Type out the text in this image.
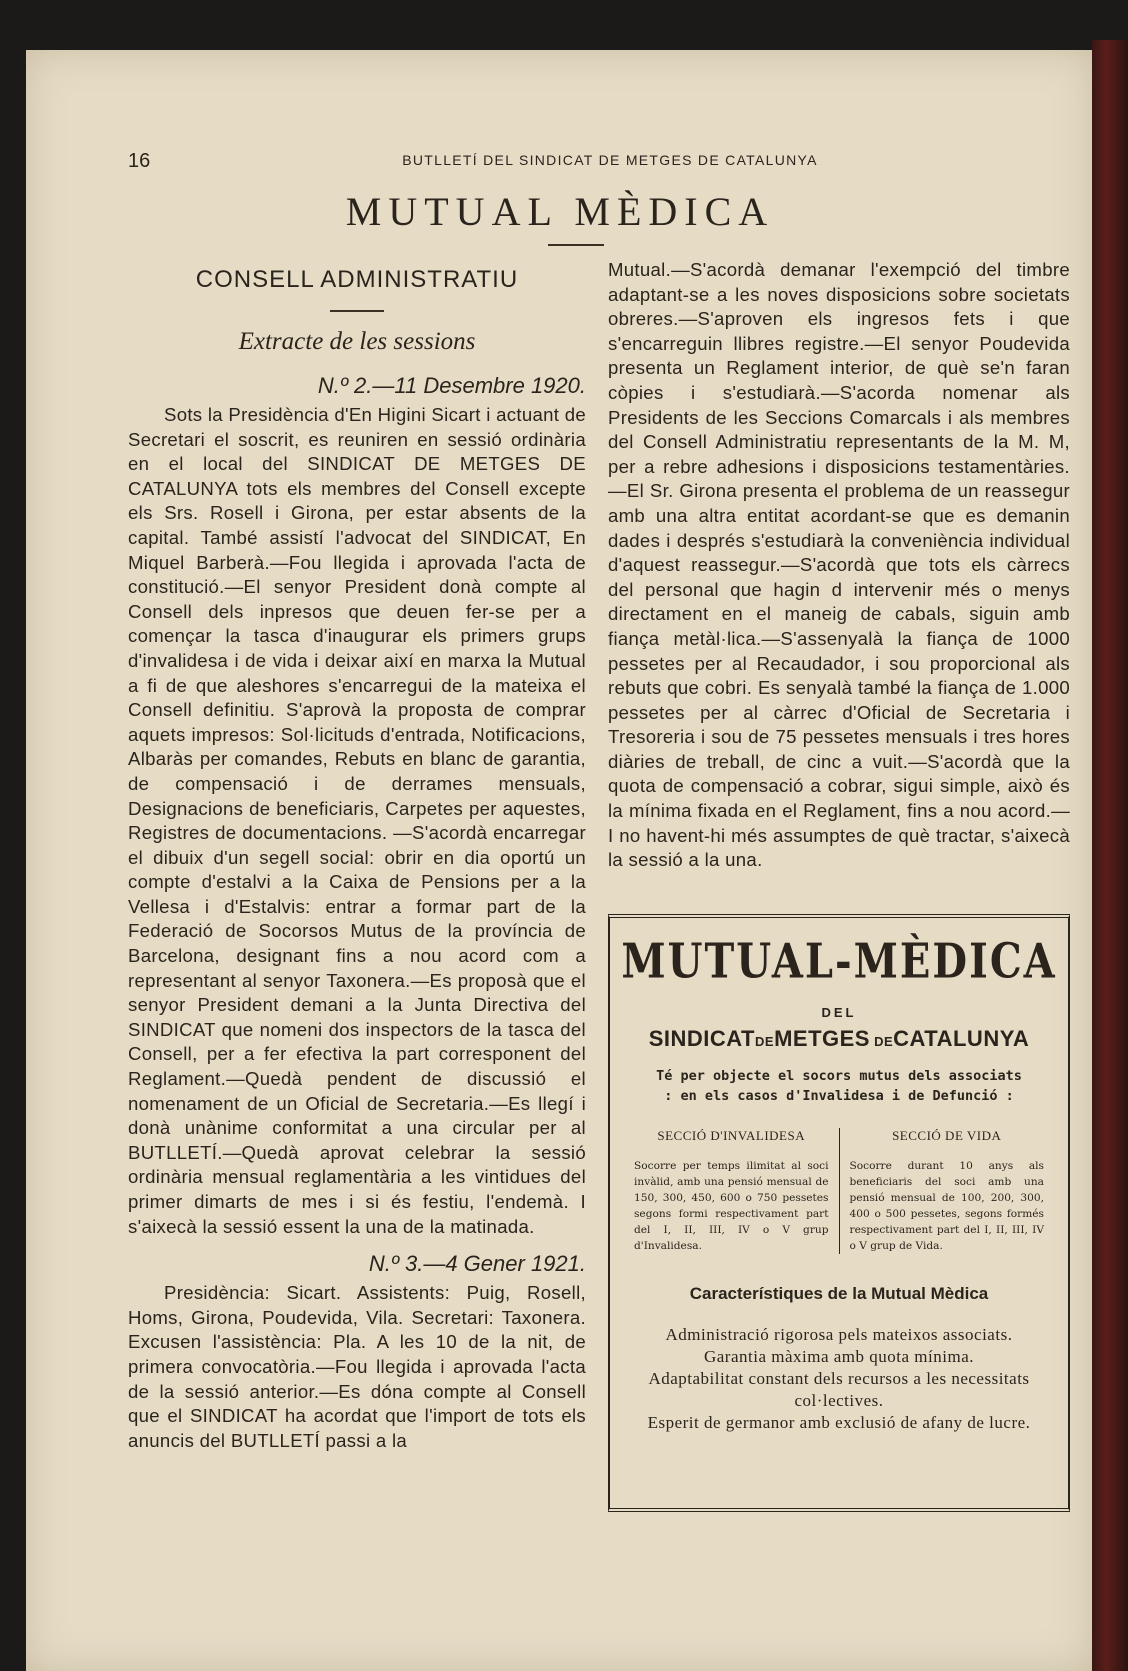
16	BUTLLETÍ DEL SINDICAT DE METGES DE CATALUNYA
MUTUAL MÈDICA
CONSELL ADMINISTRATIU
Extracte de les sessions
N.º 2.—11 Desembre 1920.

Sots la Presidència d'En Higini Sicart i actuant de Secretari el soscrit, es reuniren en sessió ordinària en el local del SINDICAT DE METGES DE CATALUNYA tots els membres del Consell excepte els Srs. Rosell i Girona, per estar absents de la capital. També assistí l'advocat del SINDICAT, En Miquel Barberà.—Fou llegida i aprovada l'acta de constitució.—El senyor President donà compte al Consell dels inpresos que deuen fer-se per a començar la tasca d'inaugurar els primers grups d'invalidesa i de vida i deixar així en marxa la Mutual a fi de que aleshores s'encarregui de la mateixa el Consell definitiu. S'aprovà la proposta de comprar aquets impresos: Sol·licituds d'entrada, Notificacions, Albaràs per comandes, Rebuts en blanc de garantia, de compensació i de derrames mensuals, Designacions de beneficiaris, Carpetes per aquestes, Registres de documentacions. —S'acordà encarregar el dibuix d'un segell social: obrir en dia oportú un compte d'estalvi a la Caixa de Pensions per a la Vellesa i d'Estalvis: entrar a formar part de la Federació de Socorsos Mutus de la província de Barcelona, designant fins a nou acord com a representant al senyor Taxonera.—Es proposà que el senyor President demani a la Junta Directiva del SINDICAT que nomeni dos inspectors de la tasca del Consell, per a fer efectiva la part corresponent del Reglament.—Quedà pendent de discussió el nomenament de un Oficial de Secretaria.—Es llegí i donà unànime conformitat a una circular per al BUTLLETÍ.—Quedà aprovat celebrar la sessió ordinària mensual reglamentària a les vintidues del primer dimarts de mes i si és festiu, l'endemà. I s'aixecà la sessió essent la una de la matinada.

N.º 3.—4 Gener 1921.

Presidència: Sicart. Assistents: Puig, Rosell, Homs, Girona, Poudevida, Vila. Secretari: Taxonera. Excusen l'assistència: Pla. A les 10 de la nit, de primera convocatòria.—Fou llegida i aprovada l'acta de la sessió anterior.—Es dóna compte al Consell que el SINDICAT ha acordat que l'import de tots els anuncis del BUTLLETÍ passi a la

Mutual.—S'acordà demanar l'exempció del timbre adaptant-se a les noves disposicions sobre societats obreres.—S'aproven els ingresos fets i que s'encarreguin llibres registre.—El senyor Poudevida presenta un Reglament interior, de què se'n faran còpies i s'estudiarà.—S'acorda nomenar als Presidents de les Seccions Comarcals i als membres del Consell Administratiu representants de la M. M, per a rebre adhesions i disposicions testamentàries.—El Sr. Girona presenta el problema de un reassegur amb una altra entitat acordant-se que es demanin dades i després s'estudiarà la conveniència individual d'aquest reassegur.—S'acordà que tots els càrrecs del personal que hagin d intervenir més o menys directament en el maneig de cabals, siguin amb fiança metàl·lica.—S'assenyalà la fiança de 1000 pessetes per al Recaudador, i sou proporcional als rebuts que cobri. Es senyalà també la fiança de 1.000 pessetes per al càrrec d'Oficial de Secretaria i Tresoreria i sou de 75 pessetes mensuals i tres hores diàries de treball, de cinc a vuit.—S'acordà que la quota de compensació a cobrar, sigui simple, això és la mínima fixada en el Reglament, fins a nou acord.—I no havent-hi més assumptes de què tractar, s'aixecà la sessió a la una.

MUTUAL-MÈDICA
DEL
SINDICATDEMETGES DECATALUNYA
Té per objecte el socors mutus dels associats
: en els casos d'Invalidesa i de Defunció :
SECCIÓ D'INVALIDESA

Socorre per temps ilimitat al soci invàlid, amb una pensió mensual de 150, 300, 450, 600 o 750 pessetes segons formi respectivament part del I, II, III, IV o V grup d'Invalidesa.

SECCIÓ DE VIDA

Socorre durant 10 anys als beneficiaris del soci amb una pensió mensual de 100, 200, 300, 400 o 500 pessetes, segons formés respectivament part del I, II, III, IV o V grup de Vida.

Característiques de la Mutual Mèdica
Administració rigorosa pels mateixos associats.
Garantia màxima amb quota mínima.
Adaptabilitat constant dels recursos a les necessitats col·lectives.
Esperit de germanor amb exclusió de afany de lucre.
